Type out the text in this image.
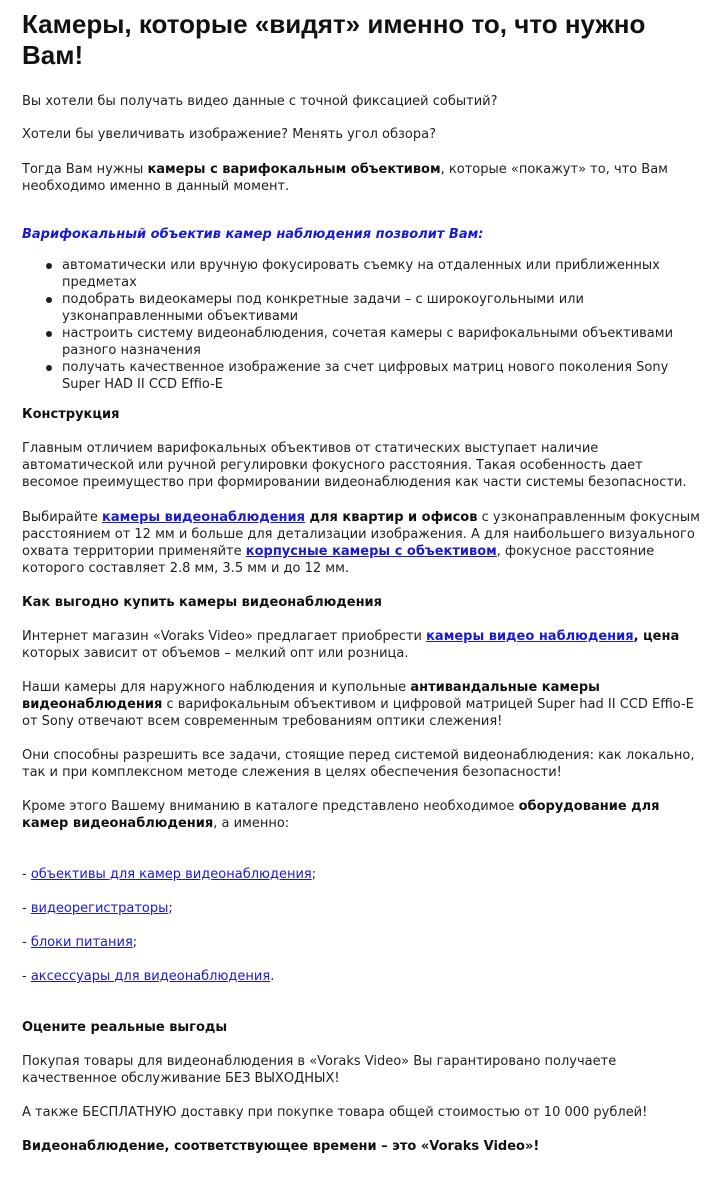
Камеры, которые «видят» именно то, что нужно Вам!

Вы хотели бы получать видео данные с точной фиксацией событий?

Хотели бы увеличивать изображение? Менять угол обзора?

Тогда Вам нужны камеры с варифокальным объективом, которые «покажут» то, что Вам необходимо именно в данный момент.

Варифокальный объектив камер наблюдения позволит Вам:

автоматически или вручную фокусировать съемку на отдаленных или приближенных предметах
подобрать видеокамеры под конкретные задачи – с широкоугольными или узконаправленными объективами
настроить систему видеонаблюдения, сочетая камеры с варифокальными объективами разного назначения
получать качественное изображение за счет цифровых матриц нового поколения Sony Super HAD II CCD Effio-E
Конструкция

Главным отличием варифокальных объективов от статических выступает наличие автоматической или ручной регулировки фокусного расстояния. Такая особенность дает весомое преимущество при формировании видеонаблюдения как части системы безопасности.

Выбирайте камеры видеонаблюдения для квартир и офисов с узконаправленным фокусным расстоянием от 12 мм и больше для детализации изображения. А для наибольшего визуального охвата территории применяйте корпусные камеры с объективом, фокусное расстояние которого составляет 2.8 мм, 3.5 мм и до 12 мм.

Как выгодно купить камеры видеонаблюдения

Интернет магазин «Voraks Video» предлагает приобрести камеры видео наблюдения, цена которых зависит от объемов – мелкий опт или розница.

Наши камеры для наружного наблюдения и купольные антивандальные камеры видеонаблюдения с варифокальным объективом и цифровой матрицей Super had II CCD Effio-E от Sony отвечают всем современным требованиям оптики слежения!

Они способны разрешить все задачи, стоящие перед системой видеонаблюдения: как локально, так и при комплексном методе слежения в целях обеспечения безопасности!

Кроме этого Вашему вниманию в каталоге представлено необходимое оборудование для камер видеонаблюдения, а именно:

- объективы для камер видеонаблюдения;

- видеорегистраторы;

- блоки питания;

- аксессуары для видеонаблюдения.

Оцените реальные выгоды

Покупая товары для видеонаблюдения в «Voraks Video» Вы гарантировано получаете качественное обслуживание БЕЗ ВЫХОДНЫХ!

А также БЕСПЛАТНУЮ доставку при покупке товара общей стоимостью от 10 000 рублей!

Видеонаблюдение, соответствующее времени – это «Voraks Video»!
